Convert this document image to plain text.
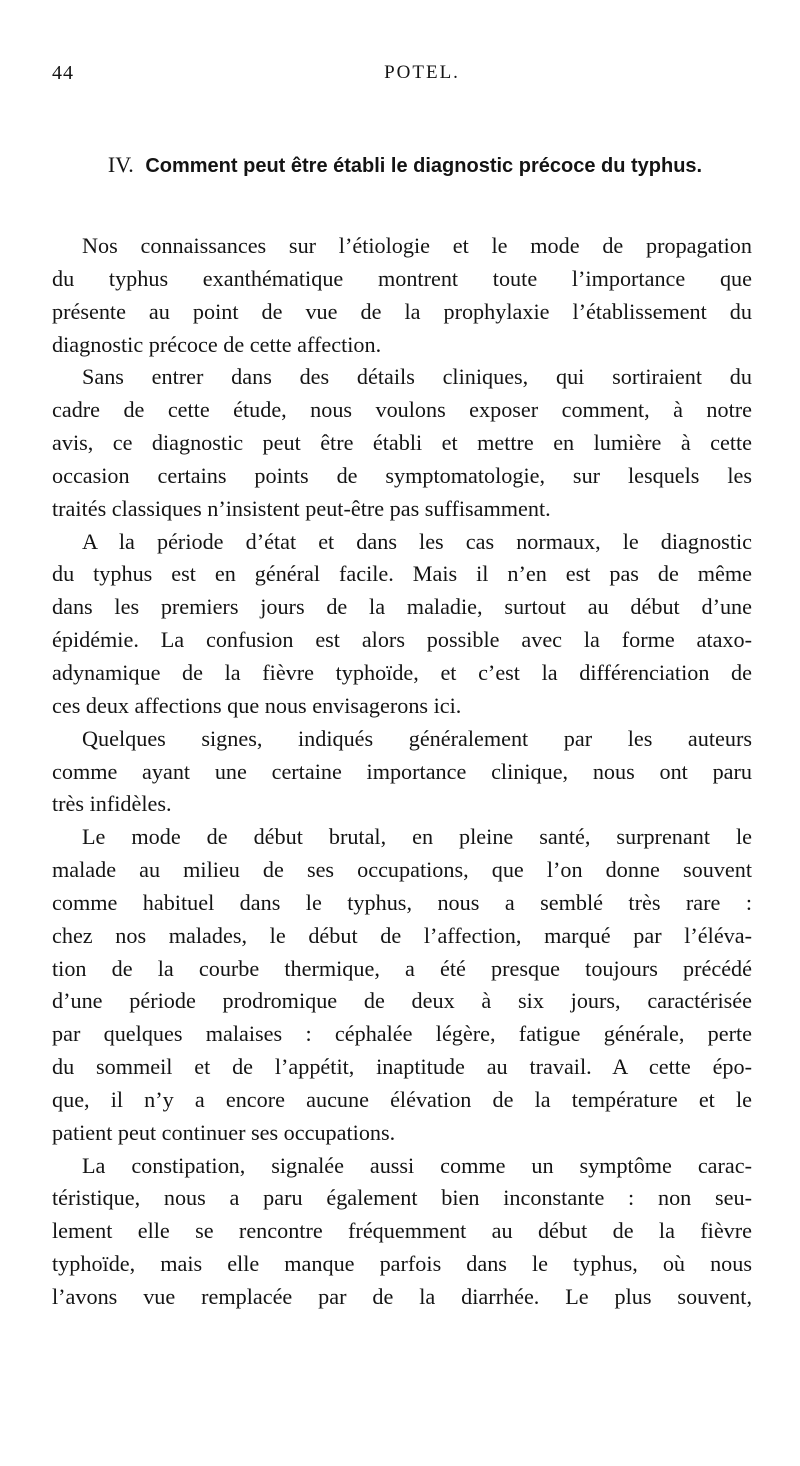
44	POTEL.
IV. Comment peut être établi le diagnostic précoce du typhus.
Nos connaissances sur l’étiologie et le mode de propagation
du typhus exanthématique montrent toute l’importance que
présente au point de vue de la prophylaxie l’établissement du
diagnostic précoce de cette affection.
Sans entrer dans des détails cliniques, qui sortiraient du
cadre de cette étude, nous voulons exposer comment, à notre
avis, ce diagnostic peut être établi et mettre en lumière à cette
occasion certains points de symptomatologie, sur lesquels les
traités classiques n’insistent peut-être pas suffisamment.
A la période d’état et dans les cas normaux, le diagnostic
du typhus est en général facile. Mais il n’en est pas de même
dans les premiers jours de la maladie, surtout au début d’une
épidémie. La confusion est alors possible avec la forme ataxo-
adynamique de la fièvre typhoïde, et c’est la différenciation de
ces deux affections que nous envisagerons ici.
Quelques signes, indiqués généralement par les auteurs
comme ayant une certaine importance clinique, nous ont paru
très infidèles.
Le mode de début brutal, en pleine santé, surprenant le
malade au milieu de ses occupations, que l’on donne souvent
comme habituel dans le typhus, nous a semblé très rare :
chez nos malades, le début de l’affection, marqué par l’éléva-
tion de la courbe thermique, a été presque toujours précédé
d’une période prodromique de deux à six jours, caractérisée
par quelques malaises : céphalée légère, fatigue générale, perte
du sommeil et de l’appétit, inaptitude au travail. A cette épo-
que, il n’y a encore aucune élévation de la température et le
patient peut continuer ses occupations.
La constipation, signalée aussi comme un symptôme carac-
téristique, nous a paru également bien inconstante : non seu-
lement elle se rencontre fréquemment au début de la fièvre
typhoïde, mais elle manque parfois dans le typhus, où nous
l’avons vue remplacée par de la diarrhée. Le plus souvent,
